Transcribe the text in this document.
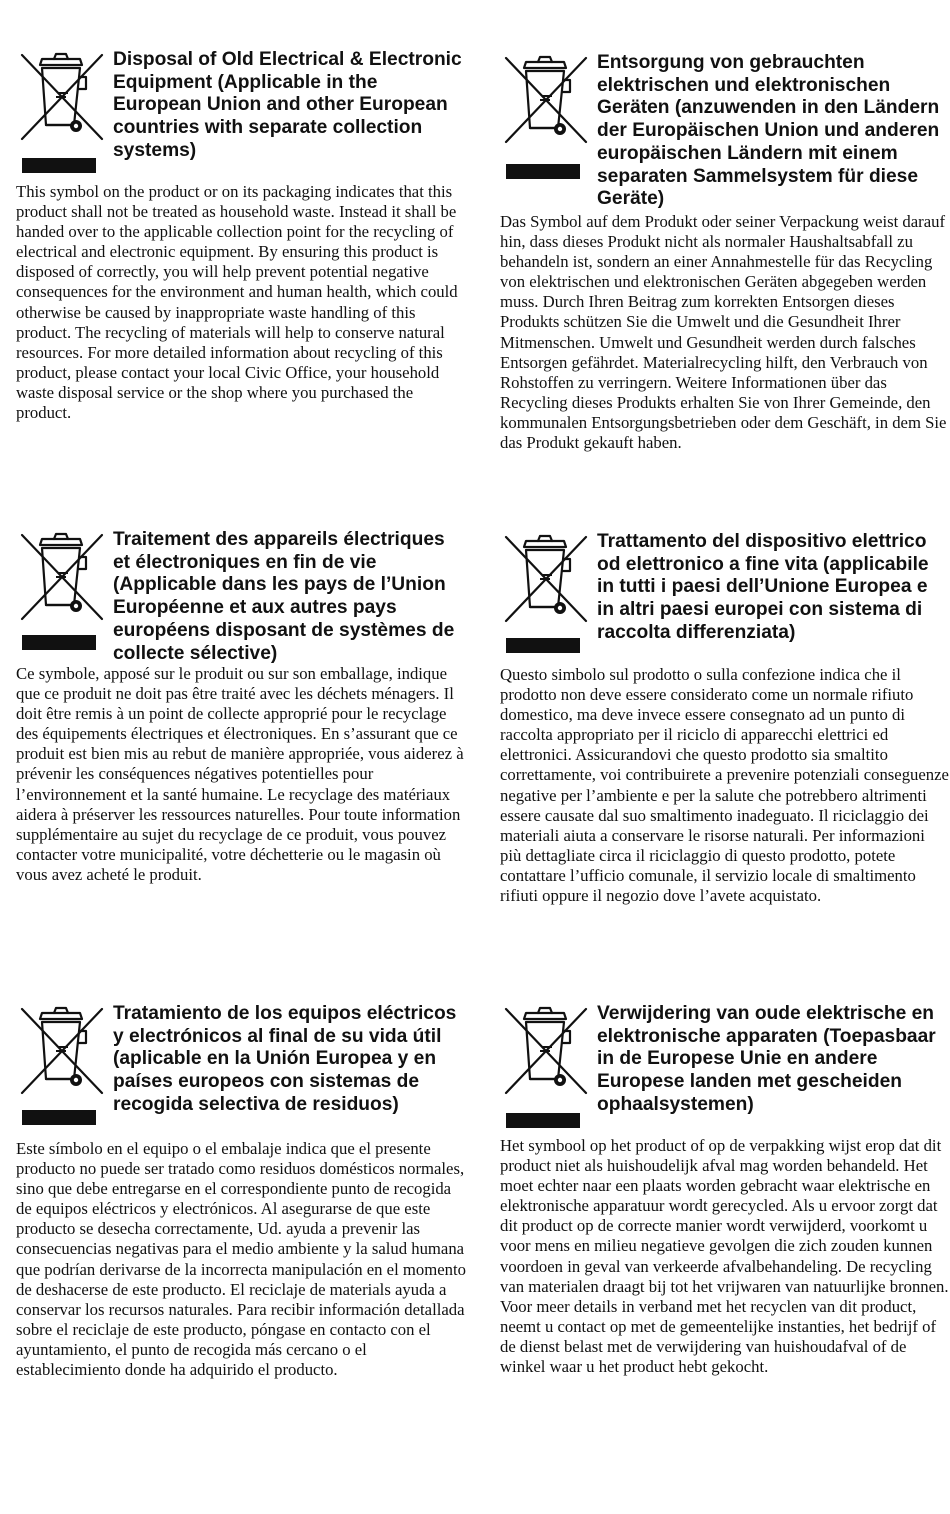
Disposal of Old Electrical & Electronic Equipment (Applicable in the European Union and other European countries with separate collection systems)

This symbol on the product or on its packaging indicates that this product shall not be treated as household waste. Instead it shall be handed over to the applicable collection point for the recycling of electrical and electronic equipment. By ensuring this product is disposed of correctly, you will help prevent potential negative consequences for the environment and human health, which could otherwise be caused by inappropriate waste handling of this product. The recycling of materials will help to conserve natural resources. For more detailed information about recycling of this product, please contact your local Civic Office, your household waste disposal service or the shop where you purchased the product.

Entsorgung von gebrauchten elektrischen und elektronischen Geräten (anzuwenden in den Ländern der Europäischen Union und anderen europäischen Ländern mit einem separaten Sammelsystem für diese Geräte)

Das Symbol auf dem Produkt oder seiner Verpackung weist darauf hin, dass dieses Produkt nicht als normaler Haushaltsabfall zu behandeln ist, sondern an einer Annahmestelle für das Recycling von elektrischen und elektronischen Geräten abgegeben werden muss. Durch Ihren Beitrag zum korrekten Entsorgen dieses Produkts schützen Sie die Umwelt und die Gesundheit Ihrer Mitmenschen. Umwelt und Gesundheit werden durch falsches Entsorgen gefährdet. Materialrecycling hilft, den Verbrauch von Rohstoffen zu verringern. Weitere Informationen über das Recycling dieses Produkts erhalten Sie von Ihrer Gemeinde, den kommunalen Entsorgungsbetrieben oder dem Geschäft, in dem Sie das Produkt gekauft haben.

Traitement des appareils électriques et électroniques en fin de vie (Applicable dans les pays de l’Union Européenne et aux autres pays européens disposant de systèmes de collecte sélective)

Ce symbole, apposé sur le produit ou sur son emballage, indique que ce produit ne doit pas être traité avec les déchets ménagers. Il doit être remis à un point de collecte approprié pour le recyclage des équipements électriques et électroniques. En s’assurant que ce produit est bien mis au rebut de manière appropriée, vous aiderez à prévenir les conséquences négatives potentielles pour l’environnement et la santé humaine. Le recyclage des matériaux aidera à préserver les ressources naturelles. Pour toute information supplémentaire au sujet du recyclage de ce produit, vous pouvez contacter votre municipalité, votre déchetterie ou le magasin où vous avez acheté le produit.

Trattamento del dispositivo elettrico od elettronico a fine vita (applicabile in tutti i paesi dell’Unione Europea e in altri paesi europei con sistema di raccolta differenziata)

Questo simbolo sul prodotto o sulla confezione indica che il prodotto non deve essere considerato come un normale rifiuto domestico, ma deve invece essere consegnato ad un punto di raccolta appropriato per il riciclo di apparecchi elettrici ed elettronici. Assicurandovi che questo prodotto sia smaltito correttamente, voi contribuirete a prevenire potenziali conseguenze negative per l’ambiente e per la salute che potrebbero altrimenti essere causate dal suo smaltimento inadeguato. Il riciclaggio dei materiali aiuta a conservare le risorse naturali. Per informazioni più dettagliate circa il riciclaggio di questo prodotto, potete contattare l’ufficio comunale, il servizio locale di smaltimento rifiuti oppure il negozio dove l’avete acquistato.

Tratamiento de los equipos eléctricos y electrónicos al final de su vida útil (aplicable en la Unión Europea y en países europeos con sistemas de recogida selectiva de residuos)

Este símbolo en el equipo o el embalaje indica que el presente producto no puede ser tratado como residuos domésticos normales, sino que debe entregarse en el correspondiente punto de recogida de equipos eléctricos y electrónicos. Al asegurarse de que este producto se desecha correctamente, Ud. ayuda a prevenir las consecuencias negativas para el medio ambiente y la salud humana que podrían derivarse de la incorrecta manipulación en el momento de deshacerse de este producto. El reciclaje de materials ayuda a conservar los recursos naturales. Para recibir información detallada sobre el reciclaje de este producto, póngase en contacto con el ayuntamiento, el punto de recogida más cercano o el establecimiento donde ha adquirido el producto.

Verwijdering van oude elektrische en elektronische apparaten (Toepasbaar in de Europese Unie en andere Europese landen met gescheiden ophaalsystemen)

Het symbool op het product of op de verpakking wijst erop dat dit product niet als huishoudelijk afval mag worden behandeld. Het moet echter naar een plaats worden gebracht waar elektrische en elektronische apparatuur wordt gerecycled. Als u ervoor zorgt dat dit product op de correcte manier wordt verwijderd, voorkomt u voor mens en milieu negatieve gevolgen die zich zouden kunnen voordoen in geval van verkeerde afvalbehandeling. De recycling van materialen draagt bij tot het vrijwaren van natuurlijke bronnen. Voor meer details in verband met het recyclen van dit product, neemt u contact op met de gemeentelijke instanties, het bedrijf of de dienst belast met de verwijdering van huishoudafval of de winkel waar u het product hebt gekocht.
